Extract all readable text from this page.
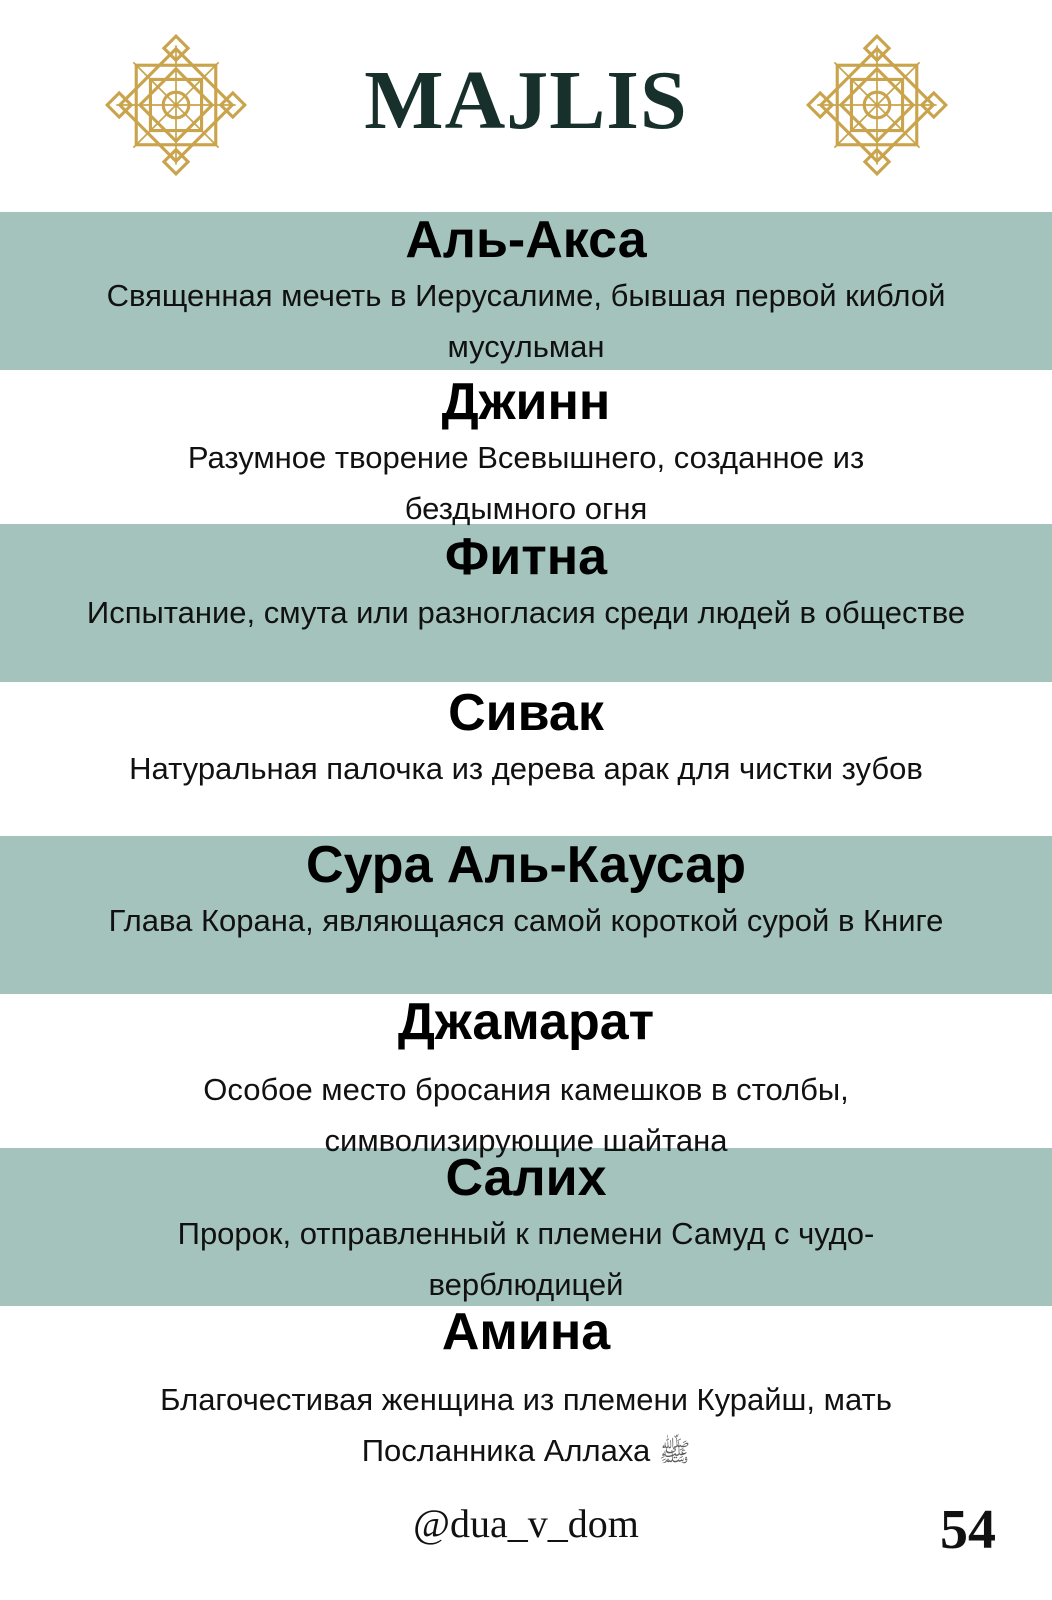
MAJLIS
Аль-Акса
Священная мечеть в Иерусалиме, бывшая первой киблой мусульман
Джинн
Разумное творение Всевышнего, созданное из бездымного огня
Фитна
Испытание, смута или разногласия среди людей в обществе
Сивак
Натуральная палочка из дерева арак для чистки зубов
Сура Аль-Каусар
Глава Корана, являющаяся самой короткой сурой в Книге
Джамарат
Особое место бросания камешков в столбы, символизирующие шайтана
Салих
Пророк, отправленный к племени Самуд с чудо-верблюдицей
Амина
Благочестивая женщина из племени Курайш, мать Посланника Аллаха ﷺ
@dua_v_dom	54
